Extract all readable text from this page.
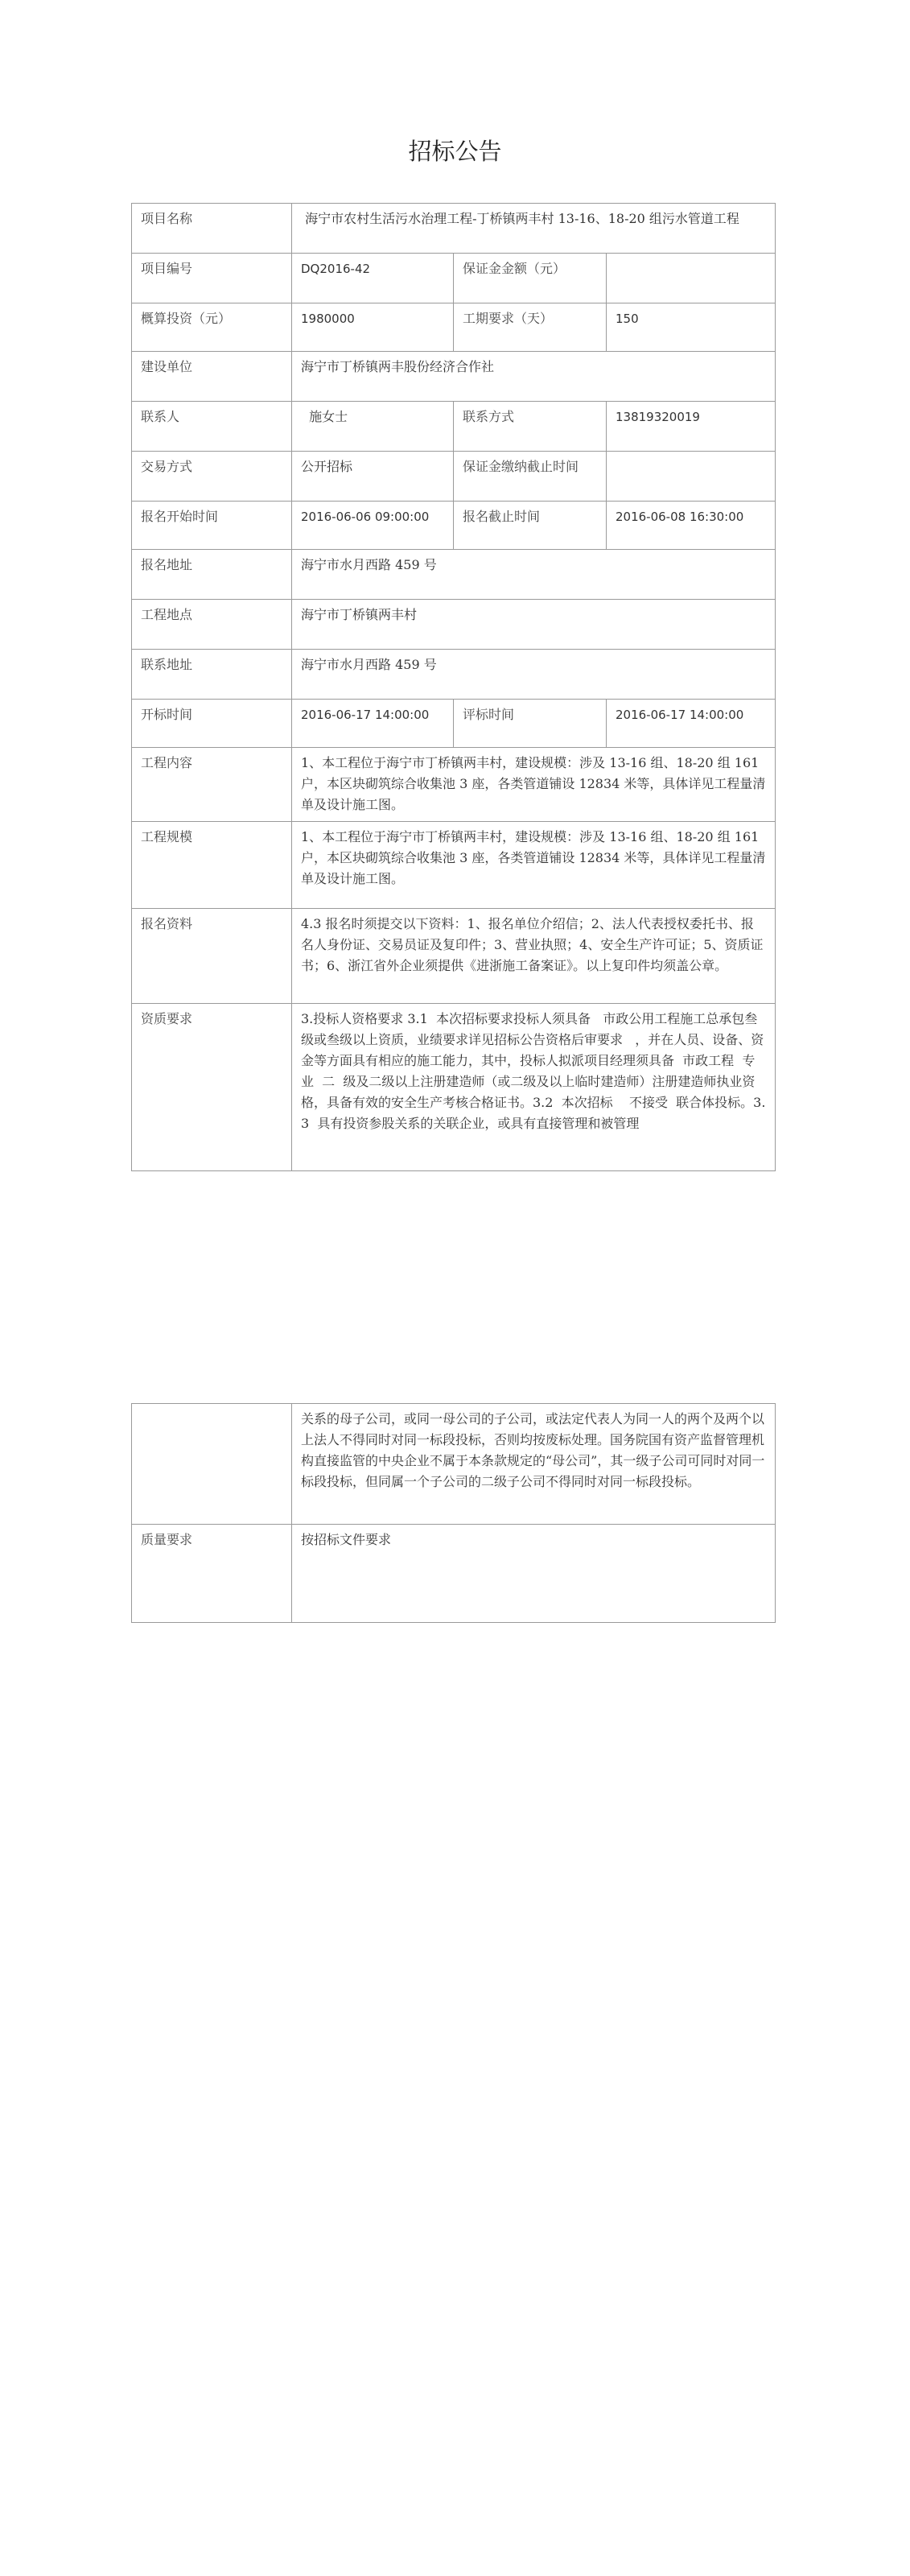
招标公告
项目名称	海宁市农村生活污水治理工程-丁桥镇两丰村 13-16、18-20 组污水管道工程		
项目编号	DQ2016-42	保证金金额（元）	
概算投资（元）	1980000	工期要求（天）	150
建设单位	海宁市丁桥镇两丰股份经济合作社		
联系人	施女士	联系方式	13819320019
交易方式	公开招标	保证金缴纳截止时间	
报名开始时间	2016-06-06 09:00:00	报名截止时间	2016-06-08 16:30:00
报名地址	海宁市水月西路 459 号		
工程地点	海宁市丁桥镇两丰村		
联系地址	海宁市水月西路 459 号		
开标时间	2016-06-17 14:00:00	评标时间	2016-06-17 14:00:00
工程内容	1、本工程位于海宁市丁桥镇两丰村，建设规模：涉及 13-16 组、18-20 组 161 户，本区块砌筑综合收集池 3 座，各类管道铺设 12834 米等，具体详见工程量清单及设计施工图。		
工程规模	1、本工程位于海宁市丁桥镇两丰村，建设规模：涉及 13-16 组、18-20 组 161 户，本区块砌筑综合收集池 3 座，各类管道铺设 12834 米等，具体详见工程量清单及设计施工图。		
报名资料	4.3 报名时须提交以下资料：1、报名单位介绍信；2、法人代表授权委托书、报名人身份证、交易员证及复印件；3、营业执照；4、安全生产许可证；5、资质证书；6、浙江省外企业须提供《进浙施工备案证》。以上复印件均须盖公章。		
资质要求	3.投标人资格要求 3.1  本次招标要求投标人须具备   市政公用工程施工总承包叁级或叁级以上资质，业绩要求详见招标公告资格后审要求   ，并在人员、设备、资金等方面具有相应的施工能力，其中，投标人拟派项目经理须具备  市政工程  专业  二  级及二级以上注册建造师（或二级及以上临时建造师）注册建造师执业资格，具备有效的安全生产考核合格证书。3.2  本次招标    不接受  联合体投标。3.3  具有投资参股关系的关联企业，或具有直接管理和被管理		
	关系的母子公司，或同一母公司的子公司，或法定代表人为同一人的两个及两个以上法人不得同时对同一标段投标，否则均按废标处理。国务院国有资产监督管理机构直接监管的中央企业不属于本条款规定的“母公司”，其一级子公司可同时对同一标段投标，但同属一个子公司的二级子公司不得同时对同一标段投标。
质量要求	按招标文件要求
